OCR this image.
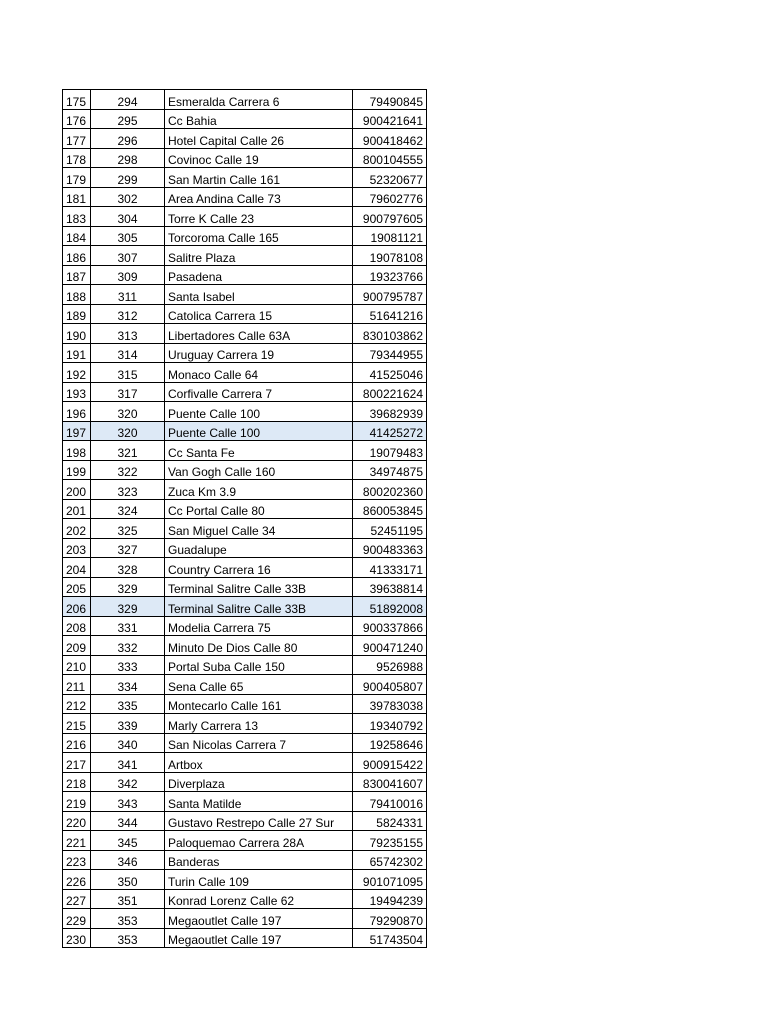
175	294	Esmeralda Carrera 6	79490845
176	295	Cc Bahia	900421641
177	296	Hotel Capital Calle 26	900418462
178	298	Covinoc Calle 19	800104555
179	299	San Martin Calle 161	52320677
181	302	Area Andina Calle 73	79602776
183	304	Torre K Calle 23	900797605
184	305	Torcoroma Calle 165	19081121
186	307	Salitre Plaza	19078108
187	309	Pasadena	19323766
188	311	Santa Isabel	900795787
189	312	Catolica Carrera 15	51641216
190	313	Libertadores Calle 63A	830103862
191	314	Uruguay Carrera 19	79344955
192	315	Monaco Calle 64	41525046
193	317	Corfivalle Carrera 7	800221624
196	320	Puente Calle 100	39682939
197	320	Puente Calle 100	41425272
198	321	Cc Santa Fe	19079483
199	322	Van Gogh Calle 160	34974875
200	323	Zuca Km 3.9	800202360
201	324	Cc Portal Calle 80	860053845
202	325	San Miguel Calle 34	52451195
203	327	Guadalupe	900483363
204	328	Country Carrera 16	41333171
205	329	Terminal Salitre Calle 33B	39638814
206	329	Terminal Salitre Calle 33B	51892008
208	331	Modelia Carrera 75	900337866
209	332	Minuto De Dios Calle 80	900471240
210	333	Portal Suba Calle 150	9526988
211	334	Sena Calle 65	900405807
212	335	Montecarlo Calle 161	39783038
215	339	Marly Carrera 13	19340792
216	340	San Nicolas Carrera 7	19258646
217	341	Artbox	900915422
218	342	Diverplaza	830041607
219	343	Santa Matilde	79410016
220	344	Gustavo Restrepo Calle 27 Sur	5824331
221	345	Paloquemao Carrera 28A	79235155
223	346	Banderas	65742302
226	350	Turin Calle 109	901071095
227	351	Konrad Lorenz Calle 62	19494239
229	353	Megaoutlet Calle 197	79290870
230	353	Megaoutlet Calle 197	51743504
